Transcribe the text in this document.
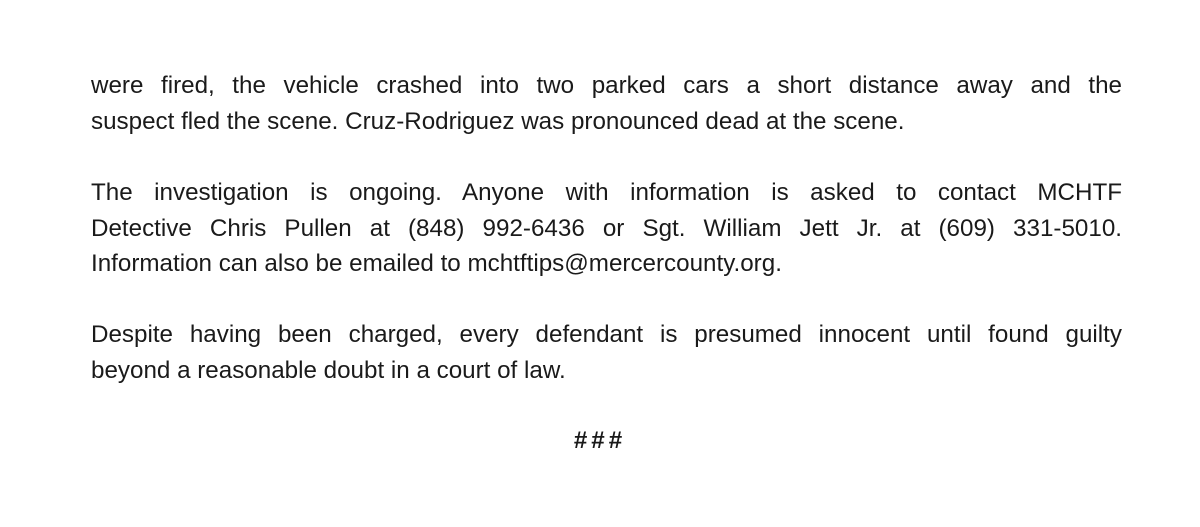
were fired, the vehicle crashed into two parked cars a short distance away and the
suspect fled the scene. Cruz-Rodriguez was pronounced dead at the scene.

The investigation is ongoing. Anyone with information is asked to contact MCHTF
Detective Chris Pullen at (848) 992-6436 or Sgt. William Jett Jr. at (609) 331-5010.
Information can also be emailed to mchtftips@mercercounty.org.

Despite having been charged, every defendant is presumed innocent until found guilty
beyond a reasonable doubt in a court of law.

###
